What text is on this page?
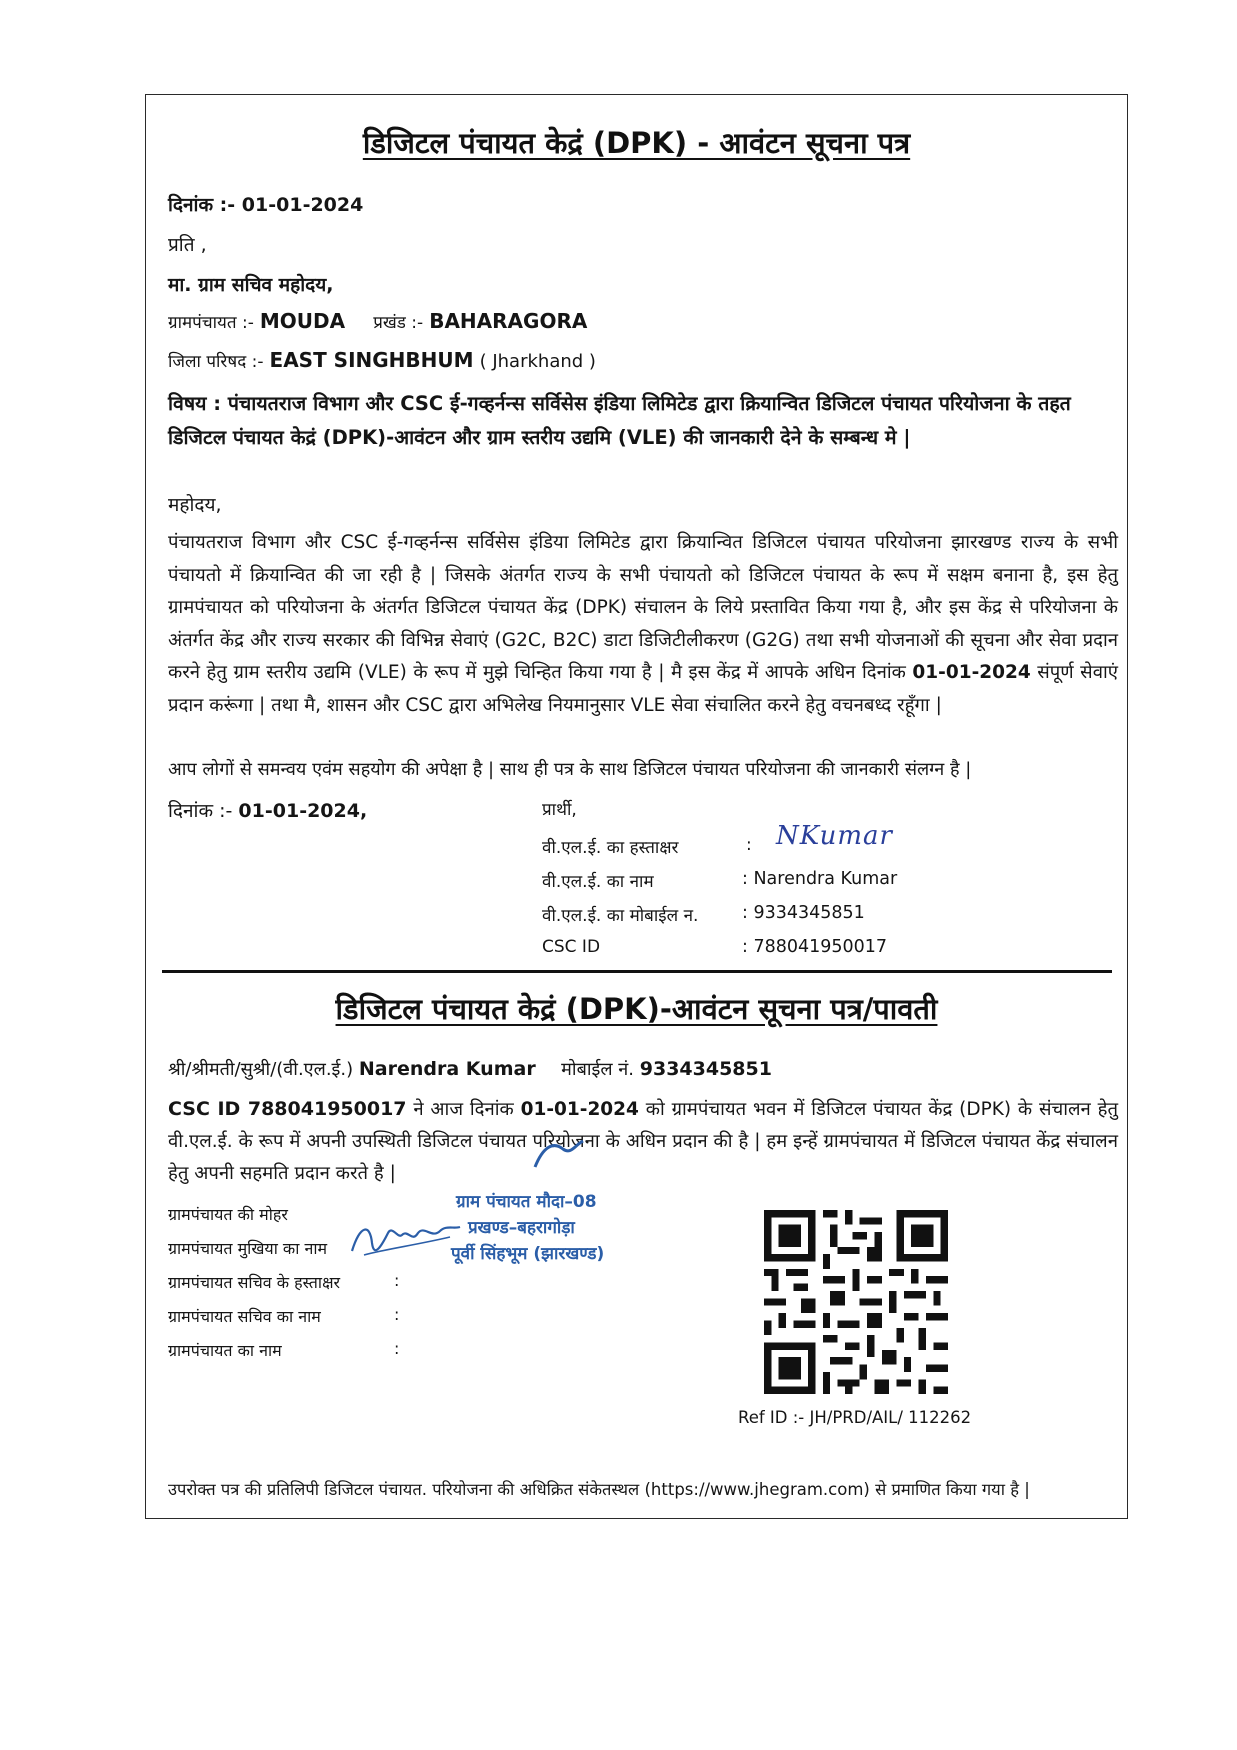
डिजिटल पंचायत केद्रं (DPK) - आवंटन सूचना पत्र
दिनांक :- 01-01-2024
प्रति ,
मा. ग्राम सचिव महोदय,
ग्रामपंचायत :- MOUDA प्रखंड :- BAHARAGORA
जिला परिषद :- EAST SINGHBHUM ( Jharkhand )
विषय : पंचायतराज विभाग और CSC ई-गव्हर्नन्स सर्विसेस इंडिया लिमिटेड द्वारा क्रियान्वित डिजिटल पंचायत परियोजना के तहत डिजिटल पंचायत केद्रं (DPK)-आवंटन और ग्राम स्तरीय उद्यमि (VLE) की जानकारी देने के सम्बन्ध मे |
महोदय,
पंचायतराज विभाग और CSC ई-गव्हर्नन्स सर्विसेस इंडिया लिमिटेड द्वारा क्रियान्वित डिजिटल पंचायत परियोजना झारखण्ड राज्य के सभी पंचायतो में क्रियान्वित की जा रही है | जिसके अंतर्गत राज्य के सभी पंचायतो को डिजिटल पंचायत के रूप में सक्षम बनाना है, इस हेतु ग्रामपंचायत को परियोजना के अंतर्गत डिजिटल पंचायत केंद्र (DPK) संचालन के लिये प्रस्तावित किया गया है, और इस केंद्र से परियोजना के अंतर्गत केंद्र और राज्य सरकार की विभिन्न सेवाएं (G2C, B2C) डाटा डिजिटीलीकरण (G2G) तथा सभी योजनाओं की सूचना और सेवा प्रदान करने हेतु ग्राम स्तरीय उद्यमि (VLE) के रूप में मुझे चिन्हित किया गया है | मै इस केंद्र में आपके अधिन दिनांक 01-01-2024 संपूर्ण सेवाएं प्रदान करूंगा | तथा मै, शासन और CSC द्वारा अभिलेख नियमानुसार VLE सेवा संचालित करने हेतु वचनबध्द रहूँगा |
आप लोगों से समन्वय एवंम सहयोग की अपेक्षा है | साथ ही पत्र के साथ डिजिटल पंचायत परियोजना की जानकारी संलग्न है |
दिनांक :- 01-01-2024,	प्रार्थी,
वी.एल.ई. का हस्ताक्षर	: NKumar
वी.एल.ई. का नाम	: Narendra Kumar
वी.एल.ई. का मोबाईल न. : 9334345851
CSC ID	: 788041950017
डिजिटल पंचायत केद्रं (DPK)-आवंटन सूचना पत्र/पावती
श्री/श्रीमती/सुश्री/(वी.एल.ई.) Narendra Kumar मोबाईल नं. 9334345851
CSC ID 788041950017 ने आज दिनांक 01-01-2024 को ग्रामपंचायत भवन में डिजिटल पंचायत केंद्र (DPK) के संचालन हेतु वी.एल.ई. के रूप में अपनी उपस्थिती डिजिटल पंचायत परियोजना के अधिन प्रदान की है | हम इन्हें ग्रामपंचायत में डिजिटल पंचायत केंद्र संचालन हेतु अपनी सहमति प्रदान करते है |
ग्रामपंचायत की मोहर
ग्रामपंचायत मुखिया का नाम
ग्रामपंचायत सचिव के हस्ताक्षर	:
ग्रामपंचायत सचिव का नाम	:
ग्रामपंचायत का नाम	:
ग्राम पंचायत मौदा–08
प्रखण्ड–बहरागोड़ा
पूर्वी सिंहभूम (झारखण्ड)
Ref ID :- JH/PRD/AIL/ 112262
उपरोक्त पत्र की प्रतिलिपी डिजिटल पंचायत. परियोजना की अधिक्रित संकेतस्थल (https://www.jhegram.com) से प्रमाणित किया गया है |
